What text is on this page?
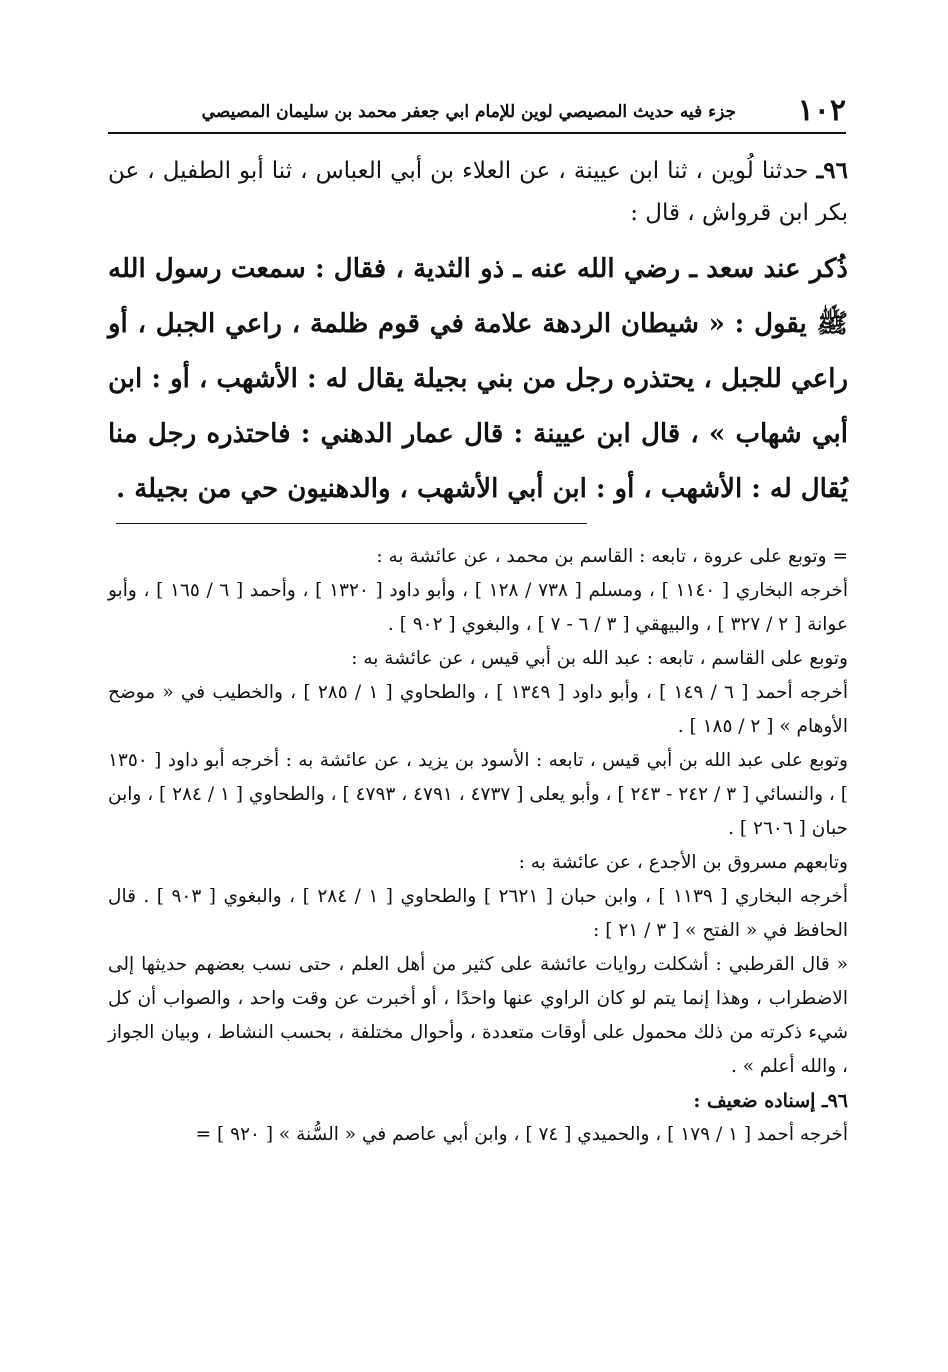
١٠٢
جزء فيه حديث المصيصي لوين للإمام ابي جعفر محمد بن سليمان المصيصي
٩٦ـ حدثنا لُوين ، ثنا ابن عيينة ، عن العلاء بن أبي العباس ، ثنا أبو الطفيل ، عن بكر ابن قرواش ، قال :
ذُكر عند سعد ـ رضي الله عنه ـ ذو الثدية ، فقال : سمعت رسول الله ﷺ يقول : « شيطان الردهة علامة في قوم ظلمة ، راعي الجبل ، أو راعي للجبل ، يحتذره رجل من بني بجيلة يقال له : الأشهب ، أو : ابن أبي شهاب » ، قال ابن عيينة : قال عمار الدهني : فاحتذره رجل منا يُقال له : الأشهب ، أو : ابن أبي الأشهب ، والدهنيون حي من بجيلة .

= وتوبع على عروة ، تابعه : القاسم بن محمد ، عن عائشة به :

أخرجه البخاري [ ١١٤٠ ] ، ومسلم [ ٧٣٨ / ١٢٨ ] ، وأبو داود [ ١٣٢٠ ] ، وأحمد [ ٦ / ١٦٥ ] ، وأبو عوانة [ ٢ / ٣٢٧ ] ، والبيهقي [ ٣ / ٦ - ٧ ] ، والبغوي [ ٩٠٢ ] .

وتوبع على القاسم ، تابعه : عبد الله بن أبي قيس ، عن عائشة به :

أخرجه أحمد [ ٦ / ١٤٩ ] ، وأبو داود [ ١٣٤٩ ] ، والطحاوي [ ١ / ٢٨٥ ] ، والخطيب في « موضح الأوهام » [ ٢ / ١٨٥ ] .

وتوبع على عبد الله بن أبي قيس ، تابعه : الأسود بن يزيد ، عن عائشة به : أخرجه أبو داود [ ١٣٥٠ ] ، والنسائي [ ٣ / ٢٤٢ - ٢٤٣ ] ، وأبو يعلى [ ٤٧٣٧ ، ٤٧٩١ ، ٤٧٩٣ ] ، والطحاوي [ ١ / ٢٨٤ ] ، وابن حبان [ ٢٦٠٦ ] .

وتابعهم مسروق بن الأجدع ، عن عائشة به :

أخرجه البخاري [ ١١٣٩ ] ، وابن حبان [ ٢٦٢١ ] والطحاوي [ ١ / ٢٨٤ ] ، والبغوي [ ٩٠٣ ] . قال الحافظ في « الفتح » [ ٣ / ٢١ ] :

« قال القرطبي : أشكلت روايات عائشة على كثير من أهل العلم ، حتى نسب بعضهم حديثها إلى الاضطراب ، وهذا إنما يتم لو كان الراوي عنها واحدًا ، أو أخبرت عن وقت واحد ، والصواب أن كل شيء ذكرته من ذلك محمول على أوقات متعددة ، وأحوال مختلفة ، بحسب النشاط ، وبيان الجواز ، والله أعلم » .

٩٦ـ إسناده ضعيف :

أخرجه أحمد [ ١ / ١٧٩ ] ، والحميدي [ ٧٤ ] ، وابن أبي عاصم في « السُّنة » [ ٩٢٠ ] =
